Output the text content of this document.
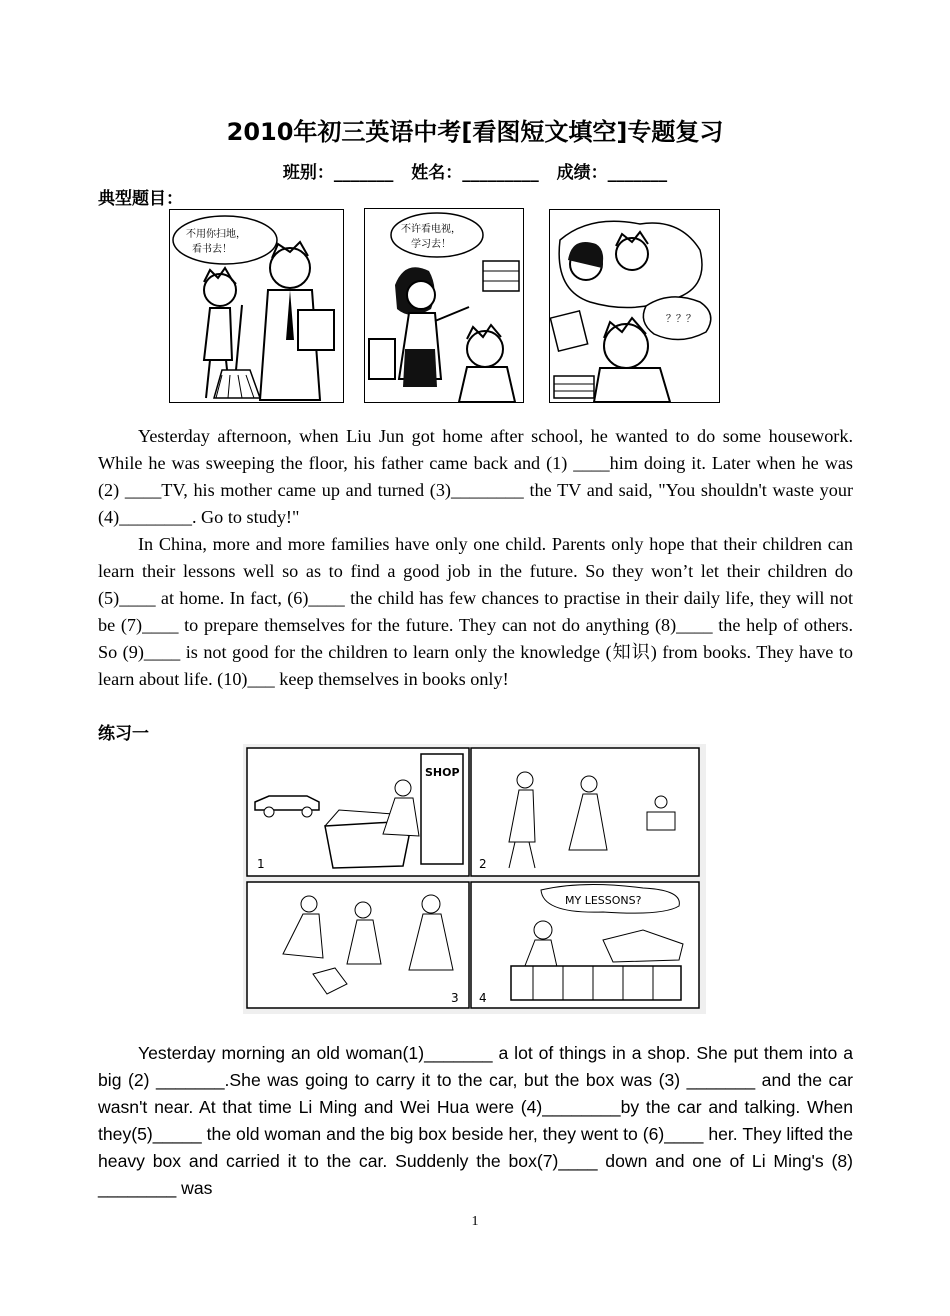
2010年初三英语中考[看图短文填空]专题复习
班别：_______ 姓名：_________ 成绩：_______
典型题目：
不用你扫地，
看书去！
不许看电视，
学习去！
？？？

Yesterday afternoon, when Liu Jun got home after school, he wanted to do some housework. While he was sweeping the floor, his father came back and (1) ____him doing it. Later when he was (2) ____TV, his mother came up and turned (3)________ the TV and said, "You shouldn't waste your (4)________. Go to study!"

In China, more and more families have only one child. Parents only hope that their children can learn their lessons well so as to find a good job in the future. So they won’t let their children do (5)____ at home. In fact, (6)____ the child has few chances to practise in their daily life, they will not be (7)____ to prepare themselves for the future. They can not do anything (8)____ the help of others. So (9)____ is not good for the children to learn only the knowledge (知识) from books. They have to learn about life. (10)___ keep themselves in books only!

练习一
SHOP
1	2
3
MY LESSONS?
4

Yesterday morning an old woman(1)_______ a lot of things in a shop. She put them into a big (2) _______.She was going to carry it to the car, but the box was (3) _______ and the car wasn't near. At that time Li Ming and Wei Hua were (4)________by the car and talking. When they(5)_____ the old woman and the big box beside her, they went to (6)____ her. They lifted the heavy box and carried it to the car. Suddenly the box(7)____ down and one of Li Ming's (8) ________ was

1
